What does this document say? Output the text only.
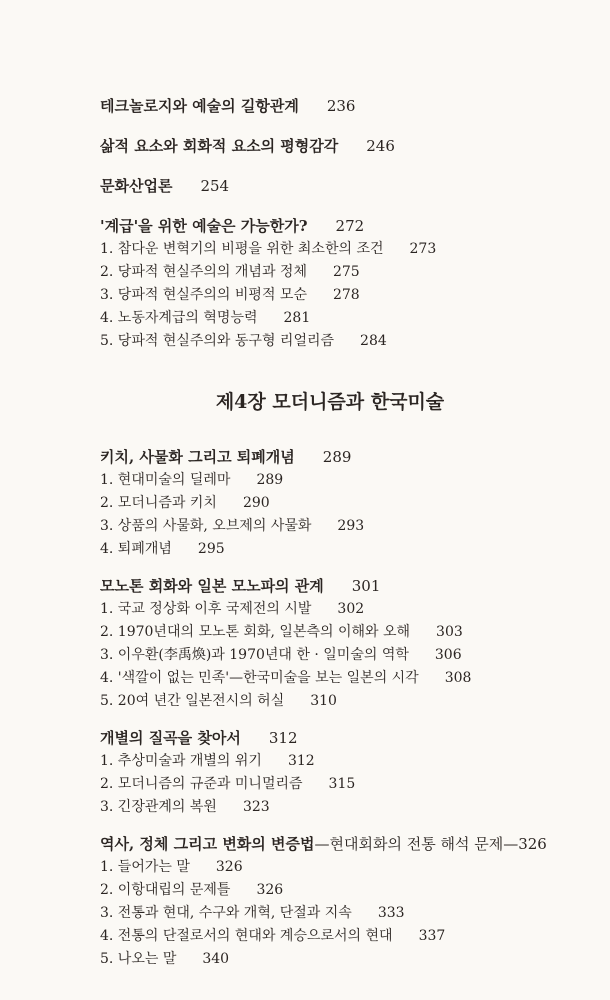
테크놀로지와 예술의 길항관계 236
삶적 요소와 회화적 요소의 평형감각 246
문화산업론 254
'계급'을 위한 예술은 가능한가? 272
1. 참다운 변혁기의 비평을 위한 최소한의 조건 273
2. 당파적 현실주의의 개념과 정체 275
3. 당파적 현실주의의 비평적 모순 278
4. 노동자계급의 혁명능력 281
5. 당파적 현실주의와 동구형 리얼리즘 284
제4장 모더니즘과 한국미술
키치, 사물화 그리고 퇴폐개념 289
1. 현대미술의 딜레마 289
2. 모더니즘과 키치 290
3. 상품의 사물화, 오브제의 사물화 293
4. 퇴폐개념 295
모노톤 회화와 일본 모노파의 관계 301
1. 국교 정상화 이후 국제전의 시발 302
2. 1970년대의 모노톤 회화, 일본측의 이해와 오해 303
3. 이우환(李禹煥)과 1970년대 한 · 일미술의 역학 306
4. '색깔이 없는 민족'—한국미술을 보는 일본의 시각 308
5. 20여 년간 일본전시의 허실 310
개별의 질곡을 찾아서 312
1. 추상미술과 개별의 위기 312
2. 모더니즘의 규준과 미니멀리즘 315
3. 긴장관계의 복원 323
역사, 정체 그리고 변화의 변증법—현대회화의 전통 해석 문제—326
1. 들어가는 말 326
2. 이항대립의 문제틀 326
3. 전통과 현대, 수구와 개혁, 단절과 지속 333
4. 전통의 단절로서의 현대와 계승으로서의 현대 337
5. 나오는 말 340
